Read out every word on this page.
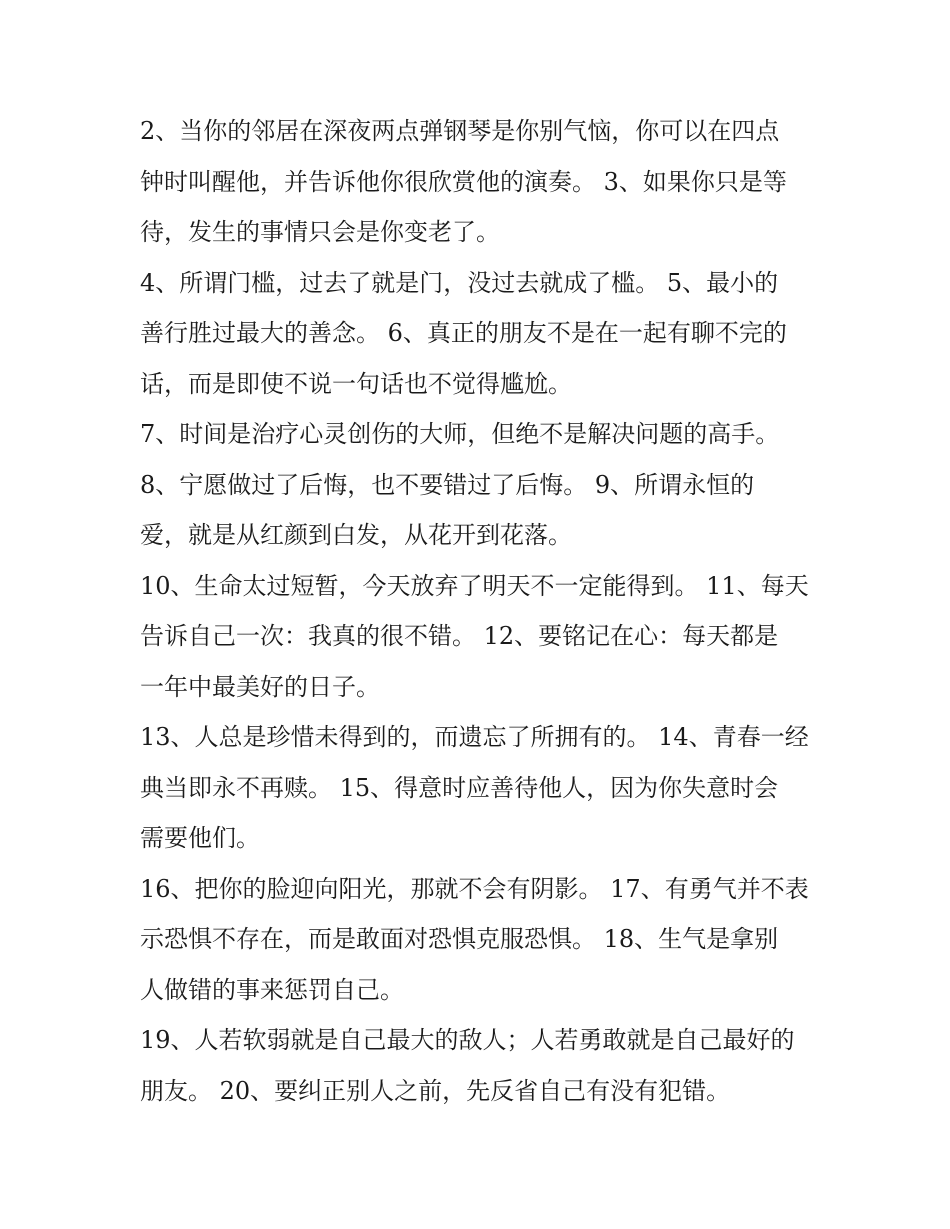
2、当你的邻居在深夜两点弹钢琴是你别气恼，你可以在四点
钟时叫醒他，并告诉他你很欣赏他的演奏。 3、如果你只是等
待，发生的事情只会是你变老了。

4、所谓门槛，过去了就是门，没过去就成了槛。 5、最小的
善行胜过最大的善念。 6、真正的朋友不是在一起有聊不完的
话，而是即使不说一句话也不觉得尴尬。

7、时间是治疗心灵创伤的大师，但绝不是解决问题的高手。

8、宁愿做过了后悔，也不要错过了后悔。 9、所谓永恒的
爱，就是从红颜到白发，从花开到花落。

10、生命太过短暂，今天放弃了明天不一定能得到。 11、每天
告诉自己一次：我真的很不错。 12、要铭记在心：每天都是
一年中最美好的日子。

13、人总是珍惜未得到的，而遗忘了所拥有的。 14、青春一经
典当即永不再赎。 15、得意时应善待他人，因为你失意时会
需要他们。

16、把你的脸迎向阳光，那就不会有阴影。 17、有勇气并不表
示恐惧不存在，而是敢面对恐惧克服恐惧。 18、生气是拿别
人做错的事来惩罚自己。

19、人若软弱就是自己最大的敌人；人若勇敢就是自己最好的
朋友。 20、要纠正别人之前，先反省自己有没有犯错。
